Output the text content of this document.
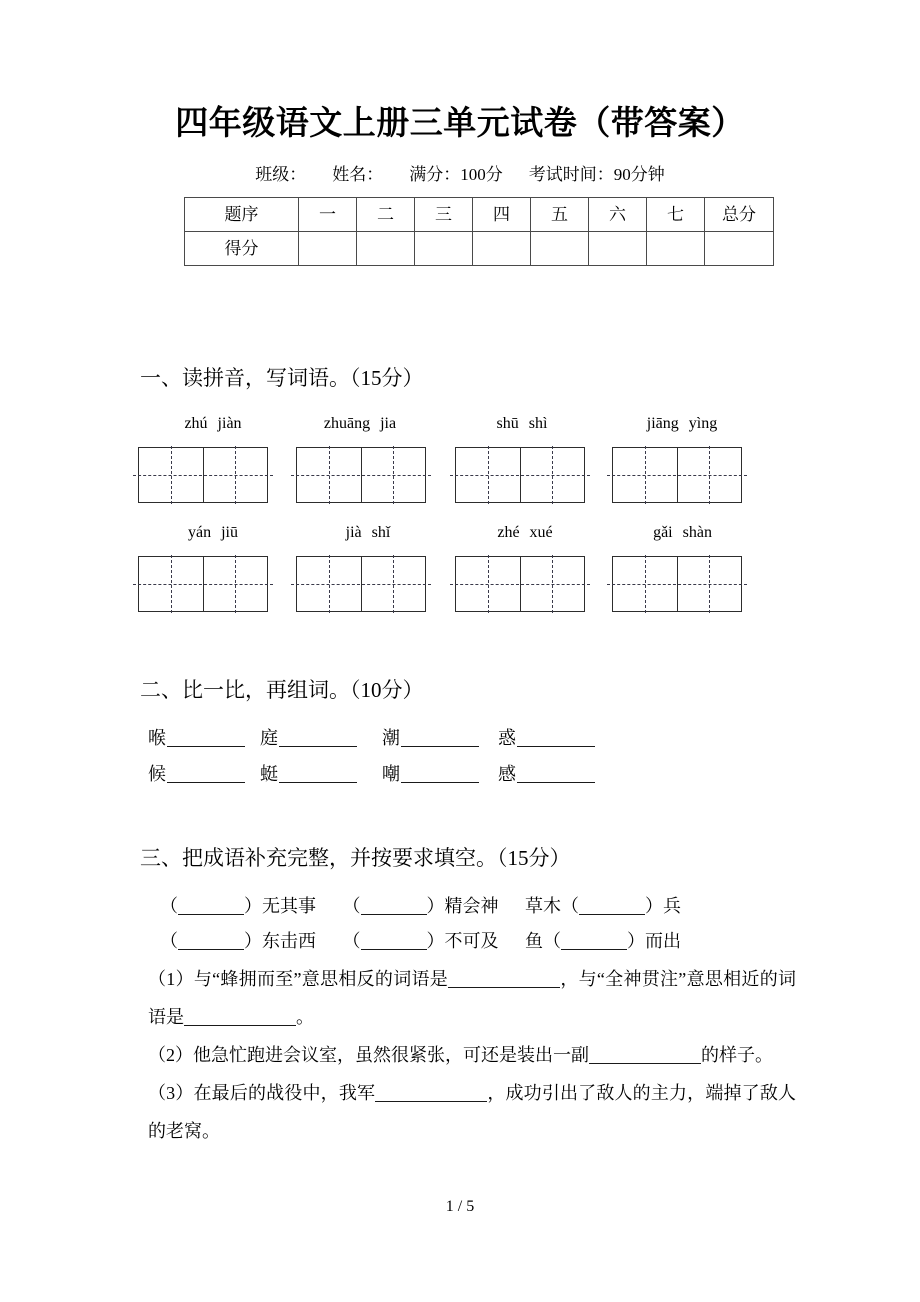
四年级语文上册三单元试卷（带答案）
班级： 姓名： 满分：100分 考试时间：90分钟
题序	一	二	三	四	五	六	七	总分
得分								
一、读拼音，写词语。（15分）
zhú jiàn	zhuāng jia	shū shì	jiāng yìng
yán jiū	jià shǐ	zhé xué	gǎi shàn
二、比一比，再组词。（10分）
喉	庭	潮	惑
候	蜓	嘲	感
三、把成语补充完整，并按要求填空。（15分）
（	）无其事 （	）精会神 草木（	）兵
（	）东击西 （	）不可及 鱼（	）而出
（1）与“蜂拥而至”意思相反的词语是	，与“全神贯注”意思相近的词语是	。
（2）他急忙跑进会议室，虽然很紧张，可还是装出一副	的样子。
（3）在最后的战役中，我军	，成功引出了敌人的主力，端掉了敌人的老窝。
1 / 5
